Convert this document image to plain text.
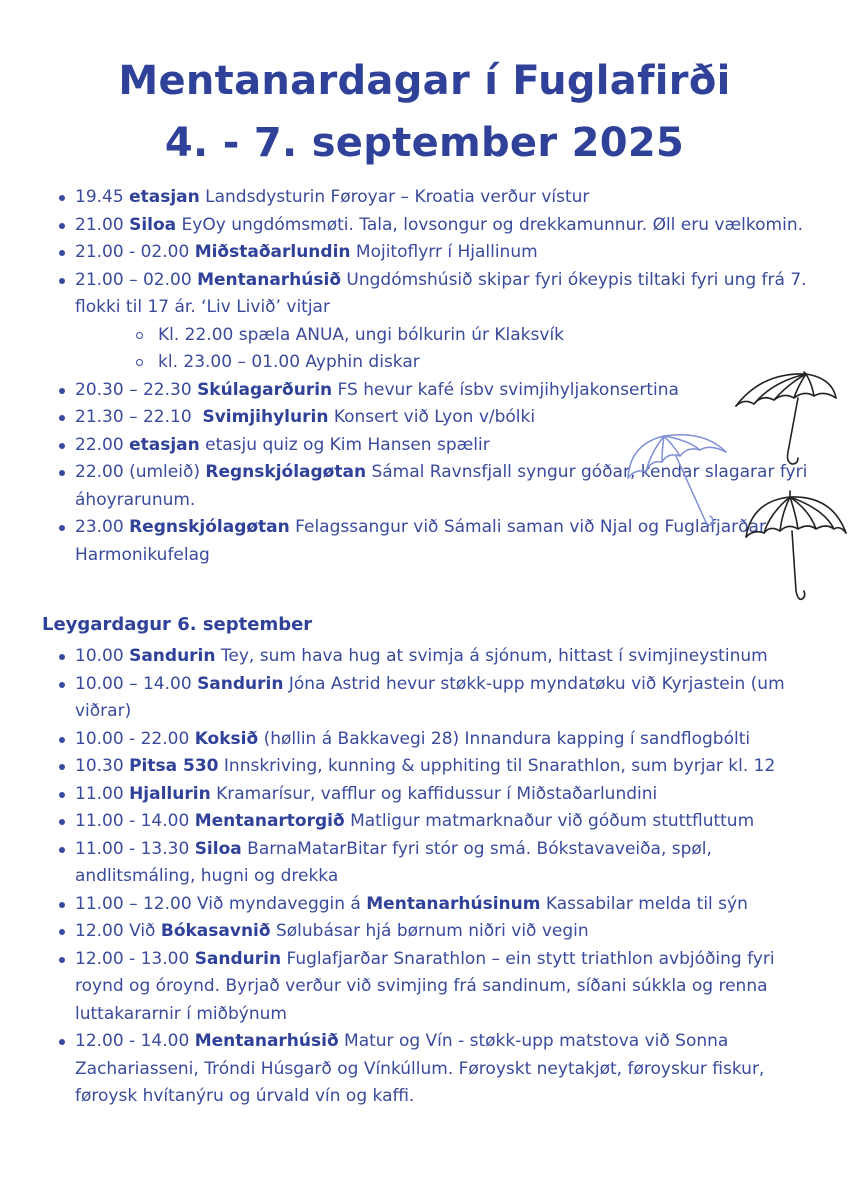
Mentanardagar í Fuglafirði
4. - 7. september 2025
19.45 etasjan Landsdysturin Føroyar – Kroatia verður vístur
21.00 Siloa EyOy ungdómsmøti. Tala, lovsongur og drekkamunnur. Øll eru vælkomin.
21.00 - 02.00 Miðstaðarlundin Mojitoflyrr í Hjallinum
21.00 – 02.00 Mentanarhúsið Ungdómshúsið skipar fyri ókeypis tiltaki fyri ung frá 7. flokki til 17 ár. ‘Liv Livið’ vitjar
Kl. 22.00 spæla ANUA, ungi bólkurin úr Klaksvík
kl. 23.00 – 01.00 Ayphin diskar
20.30 – 22.30 Skúlagarðurin FS hevur kafé ísbv svimjihyljakonsertina
21.30 – 22.10 Svimjihylurin Konsert við Lyon v/bólki
22.00 etasjan etasju quiz og Kim Hansen spælir
22.00 (umleið) Regnskjólagøtan Sámal Ravnsfjall syngur góðar, kendar slagarar fyri áhoyrarunum.
23.00 Regnskjólagøtan Felagssangur við Sámali saman við Njal og Fuglafjarðar Harmonikufelag
Leygardagur 6. september
10.00 Sandurin Tey, sum hava hug at svimja á sjónum, hittast í svimjineystinum
10.00 – 14.00 Sandurin Jóna Astrid hevur støkk-upp myndatøku við Kyrjastein (um viðrar)
10.00 - 22.00 Koksið (høllin á Bakkavegi 28) Innandura kapping í sandflogbólti
10.30 Pitsa 530 Innskriving, kunning & upphiting til Snarathlon, sum byrjar kl. 12
11.00 Hjallurin Kramarísur, vafflur og kaffidussur í Miðstaðarlundini
11.00 - 14.00 Mentanartorgið Matligur matmarknaður við góðum stuttfluttum
11.00 - 13.30 Siloa BarnaMatarBitar fyri stór og smá. Bókstavaveiða, spøl, andlitsmáling, hugni og drekka
11.00 – 12.00 Við myndaveggin á Mentanarhúsinum Kassabilar melda til sýn
12.00 Við Bókasavnið Sølubásar hjá børnum niðri við vegin
12.00 - 13.00 Sandurin Fuglafjarðar Snarathlon – ein stytt triathlon avbjóðing fyri roynd og óroynd. Byrjað verður við svimjing frá sandinum, síðani súkkla og renna luttakararnir í miðbýnum
12.00 - 14.00 Mentanarhúsið Matur og Vín - støkk-upp matstova við Sonna Zachariasseni, Tróndi Húsgarð og Vínkúllum. Føroyskt neytakjøt, føroyskur fiskur, føroysk hvítanýru og úrvald vín og kaffi.
